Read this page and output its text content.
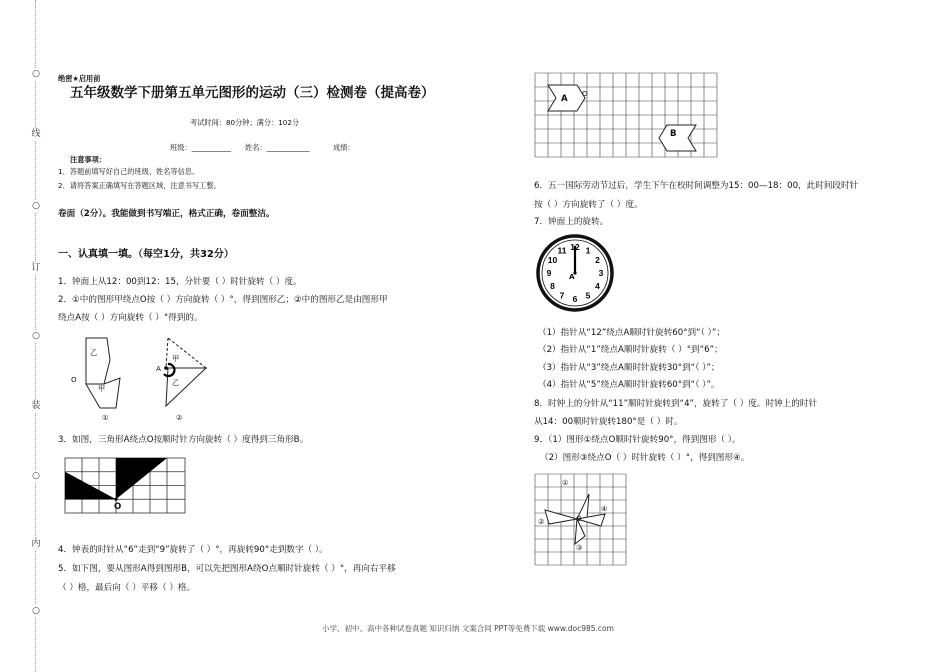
○
线
○
订
○
装
○
内
○
绝密★启用前
五年级数学下册第五单元图形的运动（三）检测卷（提高卷）
考试时间：80分钟；满分：102分
班级：___________ 姓名：____________	成绩：
注意事项：
1．答题前填写好自己的班级、姓名等信息。
2．请将答案正确填写在答题区域，注意书写工整。
卷面（2分）。我能做到书写端正，格式正确，卷面整洁。
一、认真填一填。（每空1分，共32分）
1．钟面上从12：00到12：15，分针要（ ）时针旋转（ ）度。
2．①中的图形甲绕点O按（ ）方向旋转（ ）°，得到图形乙；②中的图形乙是由图形甲
绕点A按（ ）方向旋转（ ）°得到的。
乙
甲
O
甲
乙
A
①	②
3．如图，三角形A绕点O按顺时针方向旋转（ ）度得到三角形B。
O
4．钟表的时针从“6”走到“9”旋转了（ ）°，再旋转90°走到数字（ ）。
5．如下图，要从图形A得到图形B，可以先把图形A绕O点顺时针旋转（ ）°，再向右平移
（ ）格，最后向（ ）平移（ ）格。
A
O
B
6．五一国际劳动节过后，学生下午在校时间调整为15：00—18：00，此时间段时针
按（ ）方向旋转了（ ）度。
7．钟面上的旋转。
12 1
2
3
4
5
6
7
8
9
10
11
A
（1）指针从“12”绕点A顺时针旋转60°到“（ ）”；
（2）指针从“1”绕点A顺时针旋转（ ）°到“6”；
（3）指针从“3”绕点A顺时针旋转30°到“（ ）”；
（4）指针从“5”绕点A顺时针旋转60°到“（ ）”。
8．时钟上的分针从“11”顺时针旋转到“4”，旋转了（ ）度。时钟上的时针
从14：00顺时针旋转180°是（ ）时。
9．（1）图形①绕点O顺时针旋转90°，得到图形（ ）。
（2）图形③绕点O（ ）时针旋转（ ）°，得到图形④。
①
②
③
④
O
小学、初中、高中各种试卷真题 知识归纳 文案合同 PPT等免费下载 www.doc985.com
